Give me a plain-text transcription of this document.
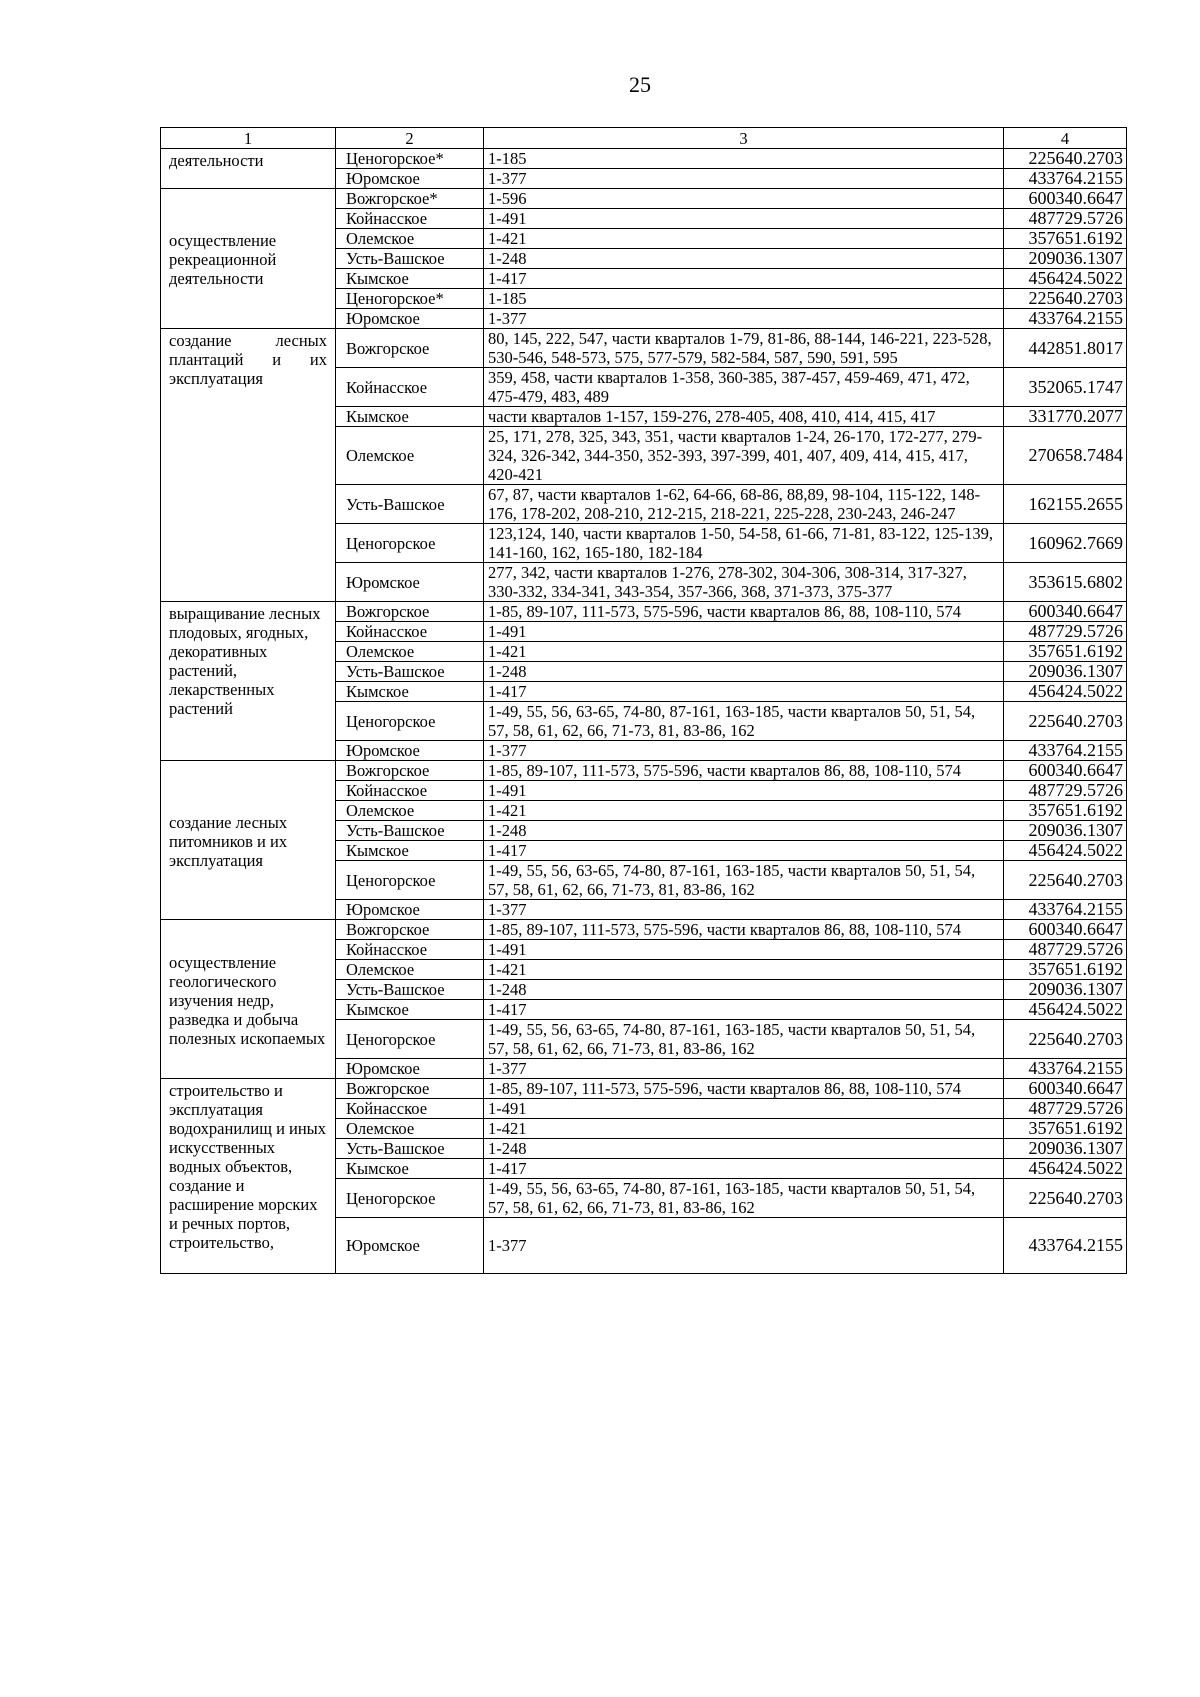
25
1	2	3	4
деятельности	Ценогорское*	1-185	225640.2703
	Юромское	1-377	433764.2155
осуществление рекреационной деятельности	Вожгорское*	1-596	600340.6647
	Койнасское	1-491	487729.5726
	Олемское	1-421	357651.6192
	Усть-Вашское	1-248	209036.1307
	Кымское	1-417	456424.5022
	Ценогорское*	1-185	225640.2703
	Юромское	1-377	433764.2155
создание лесных плантаций и их эксплуатация	Вожгорское	80, 145, 222, 547, части кварталов 1-79, 81-86, 88-144, 146-221, 223-528, 530-546, 548-573, 575, 577-579, 582-584, 587, 590, 591, 595	442851.8017
	Койнасское	359, 458, части кварталов 1-358, 360-385, 387-457, 459-469, 471, 472, 475-479, 483, 489	352065.1747
	Кымское	части кварталов 1-157, 159-276, 278-405, 408, 410, 414, 415, 417	331770.2077
	Олемское	25, 171, 278, 325, 343, 351, части кварталов 1-24, 26-170, 172-277, 279-324, 326-342, 344-350, 352-393, 397-399, 401, 407, 409, 414, 415, 417, 420-421	270658.7484
	Усть-Вашское	67, 87, части кварталов 1-62, 64-66, 68-86, 88,89, 98-104, 115-122, 148-176, 178-202, 208-210, 212-215, 218-221, 225-228, 230-243, 246-247	162155.2655
	Ценогорское	123,124, 140, части кварталов 1-50, 54-58, 61-66, 71-81, 83-122, 125-139, 141-160, 162, 165-180, 182-184	160962.7669
	Юромское	277, 342, части кварталов 1-276, 278-302, 304-306, 308-314, 317-327, 330-332, 334-341, 343-354, 357-366, 368, 371-373, 375-377	353615.6802
выращивание лесных плодовых, ягодных, декоративных растений, лекарственных растений	Вожгорское	1-85, 89-107, 111-573, 575-596, части кварталов 86, 88, 108-110, 574	600340.6647
	Койнасское	1-491	487729.5726
	Олемское	1-421	357651.6192
	Усть-Вашское	1-248	209036.1307
	Кымское	1-417	456424.5022
	Ценогорское	1-49, 55, 56, 63-65, 74-80, 87-161, 163-185, части кварталов 50, 51, 54, 57, 58, 61, 62, 66, 71-73, 81, 83-86, 162	225640.2703
	Юромское	1-377	433764.2155
создание лесных питомников и их эксплуатация	Вожгорское	1-85, 89-107, 111-573, 575-596, части кварталов 86, 88, 108-110, 574	600340.6647
	Койнасское	1-491	487729.5726
	Олемское	1-421	357651.6192
	Усть-Вашское	1-248	209036.1307
	Кымское	1-417	456424.5022
	Ценогорское	1-49, 55, 56, 63-65, 74-80, 87-161, 163-185, части кварталов 50, 51, 54, 57, 58, 61, 62, 66, 71-73, 81, 83-86, 162	225640.2703
	Юромское	1-377	433764.2155
осуществление геологического изучения недр, разведка и добыча полезных ископаемых	Вожгорское	1-85, 89-107, 111-573, 575-596, части кварталов 86, 88, 108-110, 574	600340.6647
	Койнасское	1-491	487729.5726
	Олемское	1-421	357651.6192
	Усть-Вашское	1-248	209036.1307
	Кымское	1-417	456424.5022
	Ценогорское	1-49, 55, 56, 63-65, 74-80, 87-161, 163-185, части кварталов 50, 51, 54, 57, 58, 61, 62, 66, 71-73, 81, 83-86, 162	225640.2703
	Юромское	1-377	433764.2155
строительство и эксплуатация водохранилищ и иных искусственных водных объектов, создание и расширение морских и речных портов, строительство,	Вожгорское	1-85, 89-107, 111-573, 575-596, части кварталов 86, 88, 108-110, 574	600340.6647
	Койнасское	1-491	487729.5726
	Олемское	1-421	357651.6192
	Усть-Вашское	1-248	209036.1307
	Кымское	1-417	456424.5022
	Ценогорское	1-49, 55, 56, 63-65, 74-80, 87-161, 163-185, части кварталов 50, 51, 54, 57, 58, 61, 62, 66, 71-73, 81, 83-86, 162	225640.2703
	Юромское	1-377	433764.2155
